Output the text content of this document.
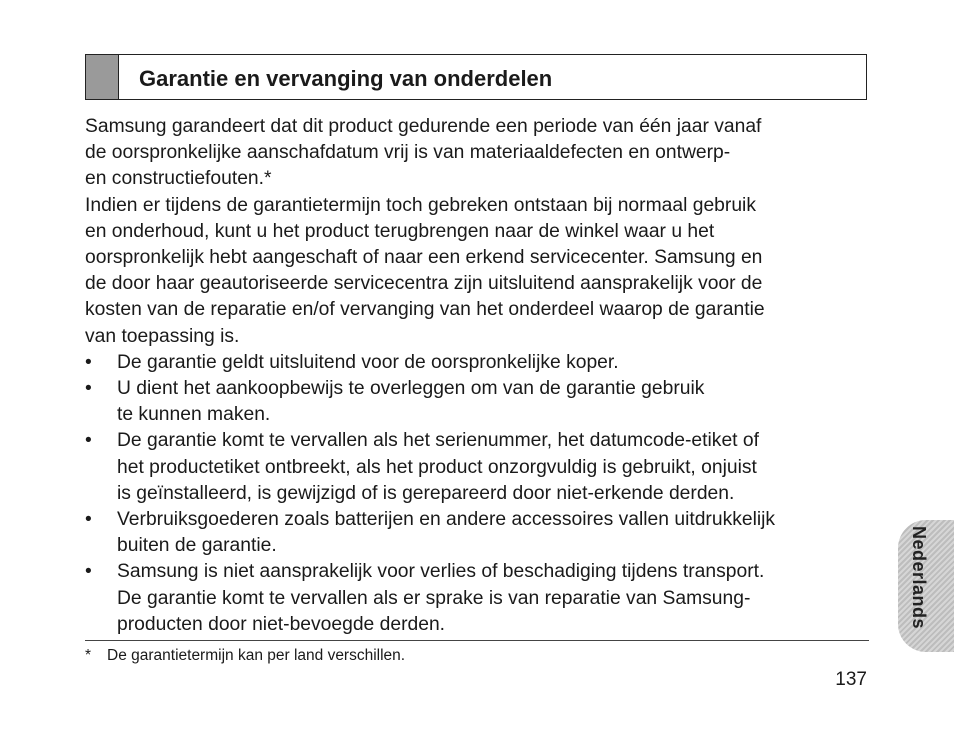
Garantie en vervanging van onderdelen

Samsung garandeert dat dit product gedurende een periode van één jaar vanaf
de oorspronkelijke aanschafdatum vrij is van materiaaldefecten en ontwerp-
en constructiefouten.*

Indien er tijdens de garantietermijn toch gebreken ontstaan bij normaal gebruik
en onderhoud, kunt u het product terugbrengen naar de winkel waar u het
oorspronkelijk hebt aangeschaft of naar een erkend servicecenter. Samsung en
de door haar geautoriseerde servicecentra zijn uitsluitend aansprakelijk voor de
kosten van de reparatie en/of vervanging van het onderdeel waarop de garantie
van toepassing is.

• De garantie geldt uitsluitend voor de oorspronkelijke koper.
• U dient het aankoopbewijs te overleggen om van de garantie gebruik
te kunnen maken.
• De garantie komt te vervallen als het serienummer, het datumcode-etiket of
het productetiket ontbreekt, als het product onzorgvuldig is gebruikt, onjuist
is geïnstalleerd, is gewijzigd of is gerepareerd door niet-erkende derden.
• Verbruiksgoederen zoals batterijen en andere accessoires vallen uitdrukkelijk
buiten de garantie.
• Samsung is niet aansprakelijk voor verlies of beschadiging tijdens transport.
De garantie komt te vervallen als er sprake is van reparatie van Samsung-
producten door niet-bevoegde derden.
* De garantietermijn kan per land verschillen.
137
Nederlands
